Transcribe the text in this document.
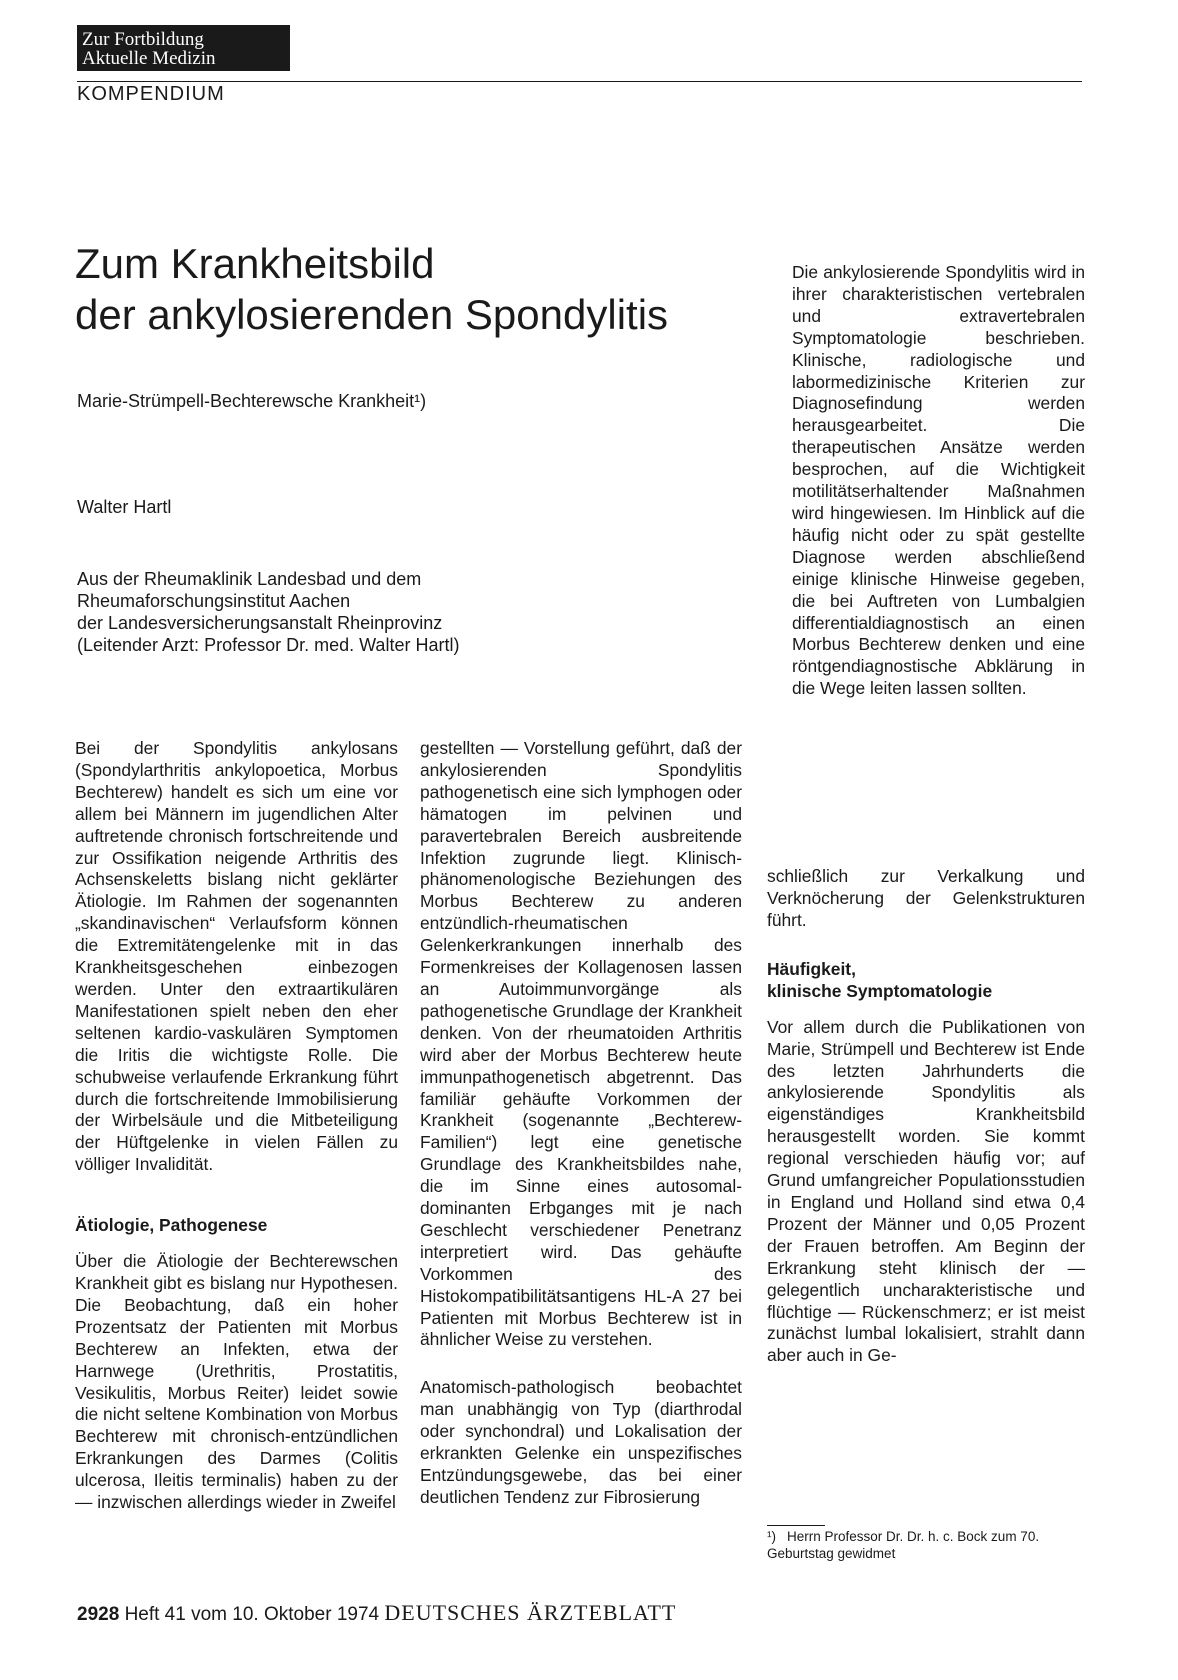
Zur Fortbildung
Aktuelle Medizin
KOMPENDIUM
Zum Krankheitsbild
der ankylosierenden Spondylitis
Marie-Strümpell-Bechterewsche Krankheit¹)
Walter Hartl
Aus der Rheumaklinik Landesbad und dem
Rheumaforschungsinstitut Aachen
der Landesversicherungsanstalt Rheinprovinz
(Leitender Arzt: Professor Dr. med. Walter Hartl)

Die ankylosierende Spondylitis wird in ihrer charakteristischen vertebralen und extravertebralen Symptomatologie beschrieben. Klinische, radiologische und labormedizinische Kriterien zur Diagnosefindung werden herausgearbeitet. Die therapeutischen Ansätze werden besprochen, auf die Wichtigkeit motilitätserhaltender Maßnahmen wird hingewiesen. Im Hinblick auf die häufig nicht oder zu spät gestellte Diagnose werden abschließend einige klinische Hinweise gegeben, die bei Auftreten von Lumbalgien differentialdiagnostisch an einen Morbus Bechterew denken und eine röntgendiagnostische Abklärung in die Wege leiten lassen sollten.

Bei der Spondylitis ankylosans (Spondylarthritis ankylopoetica, Morbus Bechterew) handelt es sich um eine vor allem bei Männern im jugendlichen Alter auftretende chronisch fortschreitende und zur Ossifikation neigende Arthritis des Achsenskeletts bislang nicht geklärter Ätiologie. Im Rahmen der sogenannten „skandinavischen“ Verlaufsform können die Extremitätengelenke mit in das Krankheitsgeschehen einbezogen werden. Unter den extraartikulären Manifestationen spielt neben den eher seltenen kardio-vaskulären Symptomen die Iritis die wichtigste Rolle. Die schubweise verlaufende Erkrankung führt durch die fortschreitende Immobilisierung der Wirbelsäule und die Mitbeteiligung der Hüftgelenke in vielen Fällen zu völliger Invalidität.

Ätiologie, Pathogenese

Über die Ätiologie der Bechterewschen Krankheit gibt es bislang nur Hypothesen. Die Beobachtung, daß ein hoher Prozentsatz der Patienten mit Morbus Bechterew an Infekten, etwa der Harnwege (Urethritis, Prostatitis, Vesikulitis, Morbus Reiter) leidet sowie die nicht seltene Kombination von Morbus Bechterew mit chronisch-entzündlichen Erkrankungen des Darmes (Colitis ulcerosa, Ileitis terminalis) haben zu der — inzwischen allerdings wieder in Zweifel

gestellten — Vorstellung geführt, daß der ankylosierenden Spondylitis pathogenetisch eine sich lymphogen oder hämatogen im pelvinen und paravertebralen Bereich ausbreitende Infektion zugrunde liegt. Klinisch-phänomenologische Beziehungen des Morbus Bechterew zu anderen entzündlich-rheumatischen Gelenkerkrankungen innerhalb des Formenkreises der Kollagenosen lassen an Autoimmunvorgänge als pathogenetische Grundlage der Krankheit denken. Von der rheumatoiden Arthritis wird aber der Morbus Bechterew heute immunpathogenetisch abgetrennt. Das familiär gehäufte Vorkommen der Krankheit (sogenannte „Bechterew-Familien“) legt eine genetische Grundlage des Krankheitsbildes nahe, die im Sinne eines autosomal-dominanten Erbganges mit je nach Geschlecht verschiedener Penetranz interpretiert wird. Das gehäufte Vorkommen des Histokompatibilitätsantigens HL-A 27 bei Patienten mit Morbus Bechterew ist in ähnlicher Weise zu verstehen.

Anatomisch-pathologisch beobachtet man unabhängig von Typ (diarthrodal oder synchondral) und Lokalisation der erkrankten Gelenke ein unspezifisches Entzündungsgewebe, das bei einer deutlichen Tendenz zur Fibrosierung

schließlich zur Verkalkung und Verknöcherung der Gelenkstrukturen führt.

Häufigkeit,
klinische Symptomatologie

Vor allem durch die Publikationen von Marie, Strümpell und Bechterew ist Ende des letzten Jahrhunderts die ankylosierende Spondylitis als eigenständiges Krankheitsbild herausgestellt worden. Sie kommt regional verschieden häufig vor; auf Grund umfangreicher Populationsstudien in England und Holland sind etwa 0,4 Prozent der Männer und 0,05 Prozent der Frauen betroffen. Am Beginn der Erkrankung steht klinisch der — gelegentlich uncharakteristische und flüchtige — Rückenschmerz; er ist meist zunächst lumbal lokalisiert, strahlt dann aber auch in Ge-

¹) Herrn Professor Dr. Dr. h. c. Bock zum 70. Geburtstag gewidmet
2928 Heft 41 vom 10. Oktober 1974 DEUTSCHES ÄRZTEBLATT
